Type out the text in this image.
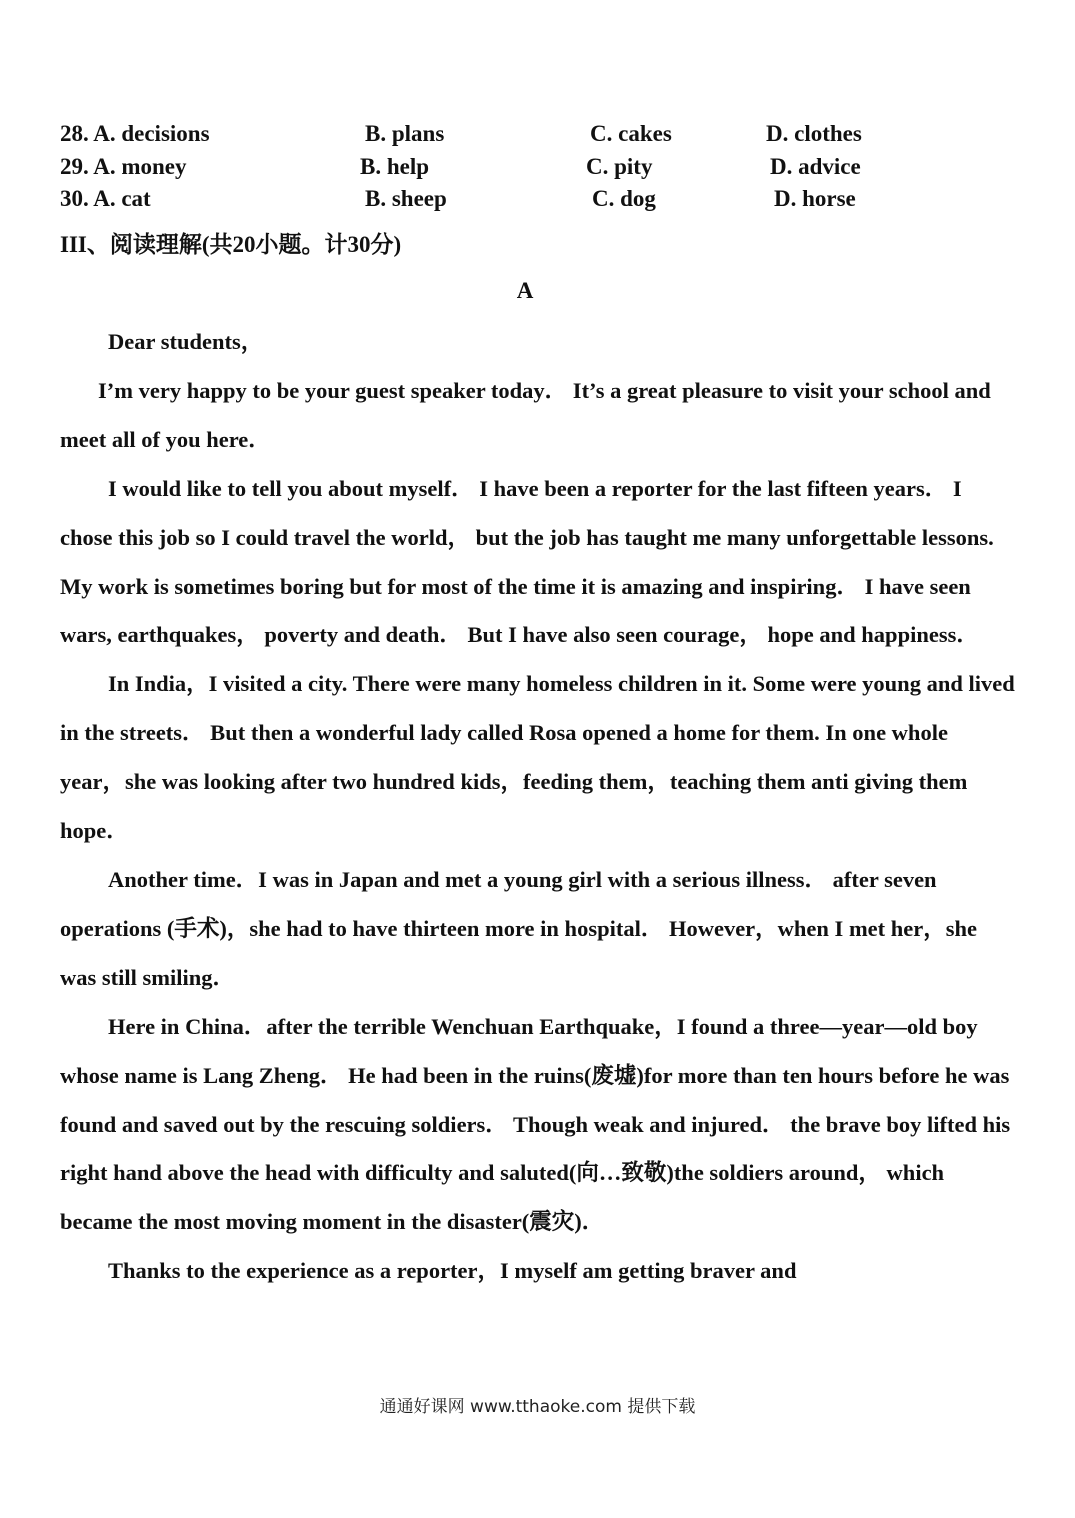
28. A. decisions	B. plans	C. cakes	D. clothes
29. A. money	B. help	C. pity	D. advice
30. A. cat	B. sheep	C. dog	D. horse
III、阅读理解(共20小题。计30分)
A

Dear students，

I’m very happy to be your guest speaker today． It’s a great pleasure to visit your school and meet all of you here．

I would like to tell you about myself． I have been a reporter for the last fifteen years． I chose this job so I could travel the world， but the job has taught me many unforgettable lessons. My work is sometimes boring but for most of the time it is amazing and inspiring． I have seen wars, earthquakes， poverty and death． But I have also seen courage， hope and happiness．

In India，I visited a city. There were many homeless children in it. Some were young and lived in the streets． But then a wonderful lady called Rosa opened a home for them. In one whole year，she was looking after two hundred kids，feeding them，teaching them anti giving them hope．

Another time．I was in Japan and met a young girl with a serious illness． after seven operations (手术)，she had to have thirteen more in hospital． However，when I met her，she was still smiling．

Here in China．after the terrible Wenchuan Earthquake，I found a three—year—old boy whose name is Lang Zheng． He had been in the ruins(废墟)for more than ten hours before he was found and saved out by the rescuing soldiers． Though weak and injured． the brave boy lifted his right hand above the head with difficulty and saluted(向…致敬)the soldiers around， which became the most moving moment in the disaster(震灾)．

Thanks to the experience as a reporter，I myself am getting braver and

通通好课网 www.tthaoke.com 提供下载
